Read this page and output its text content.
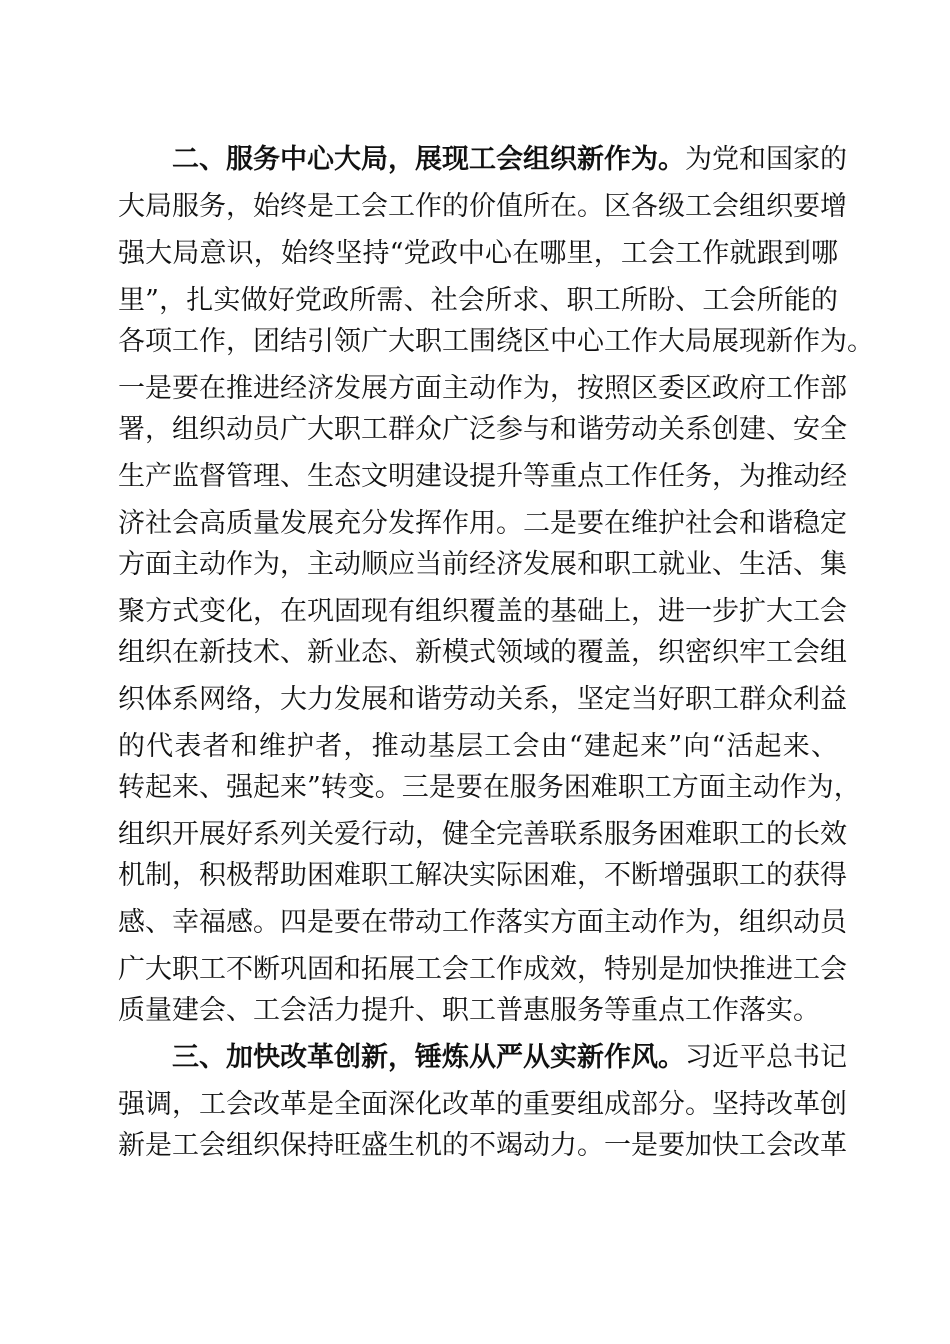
二、服务中心大局，展现工会组织新作为。为党和国家的
大局服务，始终是工会工作的价值所在。区各级工会组织要增
强大局意识，始终坚持“党政中心在哪里，工会工作就跟到哪
里”，扎实做好党政所需、社会所求、职工所盼、工会所能的
各项工作，团结引领广大职工围绕区中心工作大局展现新作为。
一是要在推进经济发展方面主动作为，按照区委区政府工作部
署，组织动员广大职工群众广泛参与和谐劳动关系创建、安全
生产监督管理、生态文明建设提升等重点工作任务，为推动经
济社会高质量发展充分发挥作用。二是要在维护社会和谐稳定
方面主动作为，主动顺应当前经济发展和职工就业、生活、集
聚方式变化，在巩固现有组织覆盖的基础上，进一步扩大工会
组织在新技术、新业态、新模式领域的覆盖，织密织牢工会组
织体系网络，大力发展和谐劳动关系，坚定当好职工群众利益
的代表者和维护者，推动基层工会由“建起来”向“活起来、
转起来、强起来”转变。三是要在服务困难职工方面主动作为，
组织开展好系列关爱行动，健全完善联系服务困难职工的长效
机制，积极帮助困难职工解决实际困难，不断增强职工的获得
感、幸福感。四是要在带动工作落实方面主动作为，组织动员
广大职工不断巩固和拓展工会工作成效，特别是加快推进工会
质量建会、工会活力提升、职工普惠服务等重点工作落实。
三、加快改革创新，锤炼从严从实新作风。习近平总书记
强调，工会改革是全面深化改革的重要组成部分。坚持改革创
新是工会组织保持旺盛生机的不竭动力。一是要加快工会改革
